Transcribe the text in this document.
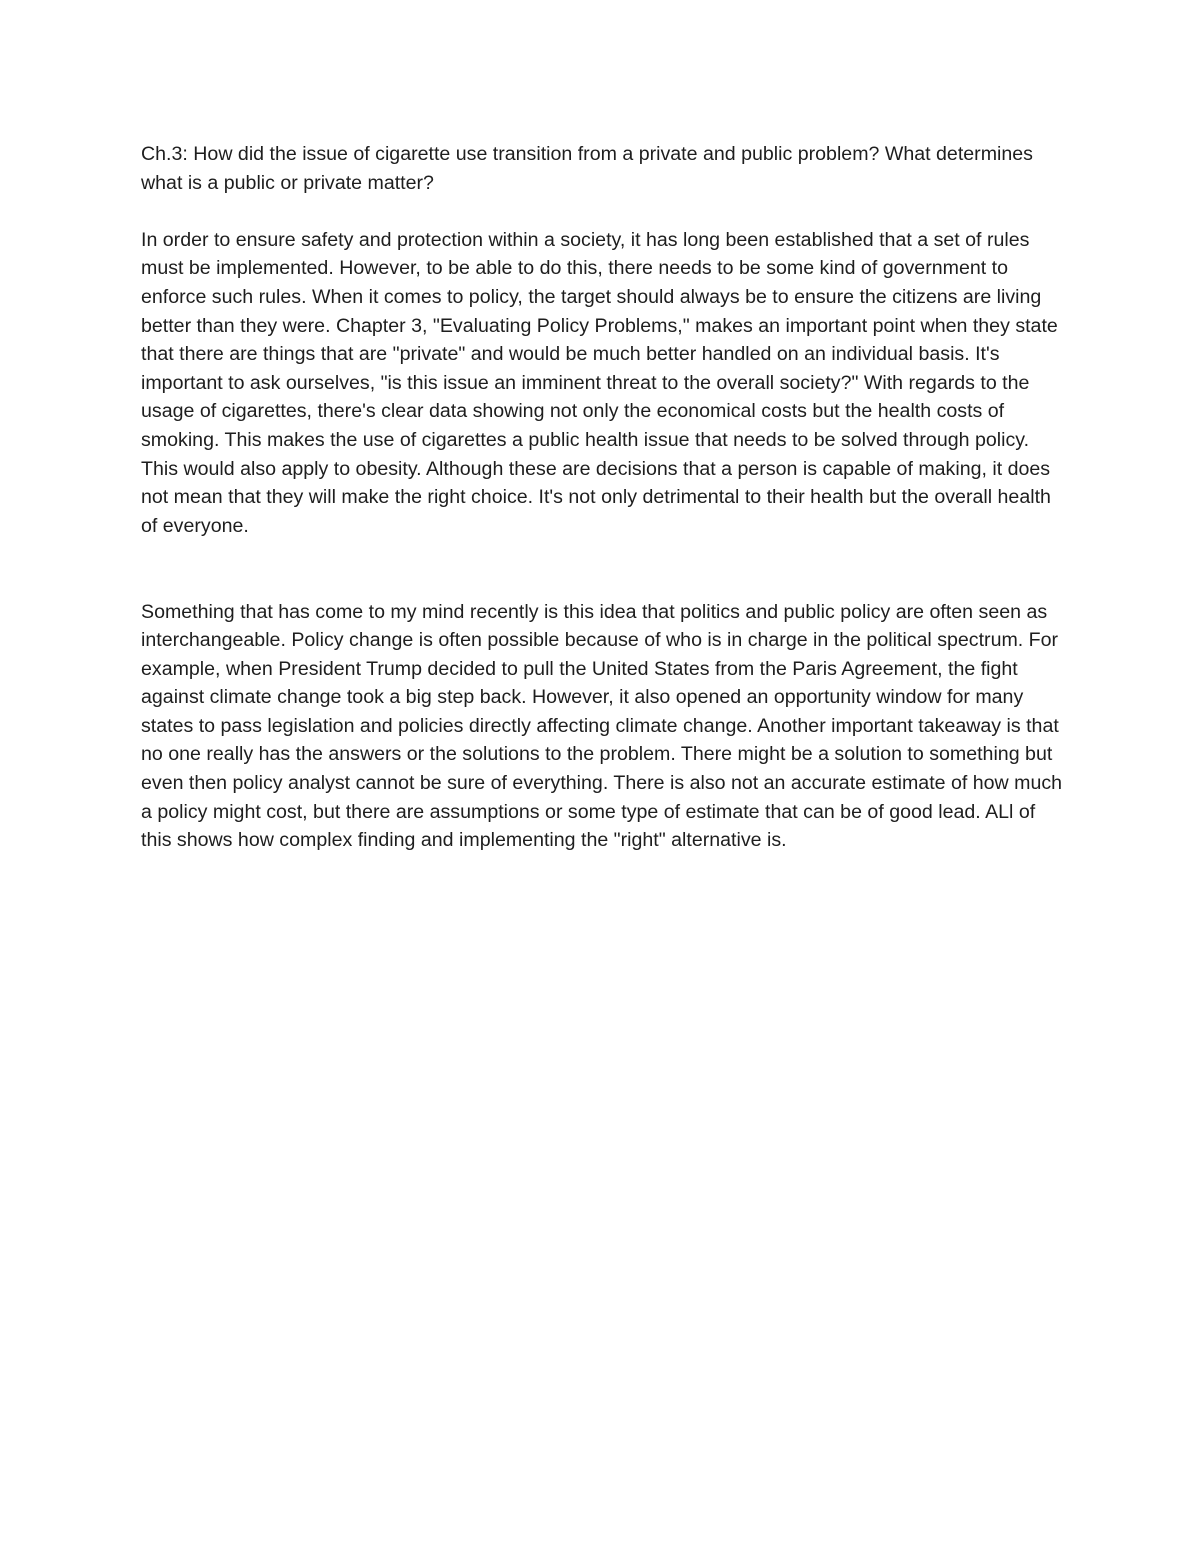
Ch.3: How did the issue of cigarette use transition from a private and public problem? What determines what is a public or private matter?

In order to ensure safety and protection within a society, it has long been established that a set of rules must be implemented. However, to be able to do this, there needs to be some kind of government to enforce such rules. When it comes to policy, the target should always be to ensure the citizens are living better than they were. Chapter 3, "Evaluating Policy Problems," makes an important point when they state that there are things that are "private" and would be much better handled on an individual basis. It's important to ask ourselves, "is this issue an imminent threat to the overall society?" With regards to the usage of cigarettes, there's clear data showing not only the economical costs but the health costs of smoking. This makes the use of cigarettes a public health issue that needs to be solved through policy. This would also apply to obesity. Although these are decisions that a person is capable of making, it does not mean that they will make the right choice. It's not only detrimental to their health but the overall health of everyone.

Something that has come to my mind recently is this idea that politics and public policy are often seen as interchangeable. Policy change is often possible because of who is in charge in the political spectrum. For example, when President Trump decided to pull the United States from the Paris Agreement, the fight against climate change took a big step back. However, it also opened an opportunity window for many states to pass legislation and policies directly affecting climate change. Another important takeaway is that no one really has the answers or the solutions to the problem. There might be a solution to something but even then policy analyst cannot be sure of everything. There is also not an accurate estimate of how much a policy might cost, but there are assumptions or some type of estimate that can be of good lead. ALl of this shows how complex finding and implementing the "right" alternative is.
